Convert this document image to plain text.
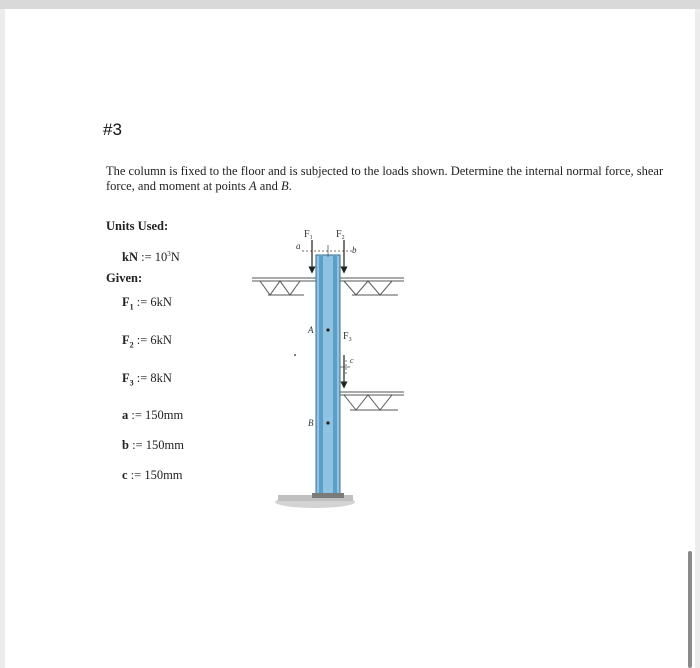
#3
The column is fixed to the floor and is subjected to the loads shown. Determine the internal normal force, shear force, and moment at points A and B.
Units Used:
kN := $10^3N$
Given:
$F_1$ := 6kN
$F_2$ := 6kN
$F_3$ := 8kN
a := 150mm
b := 150mm
c := 150mm
$F_1$ $F_2$
$F_3$
a	b
c
A
B
